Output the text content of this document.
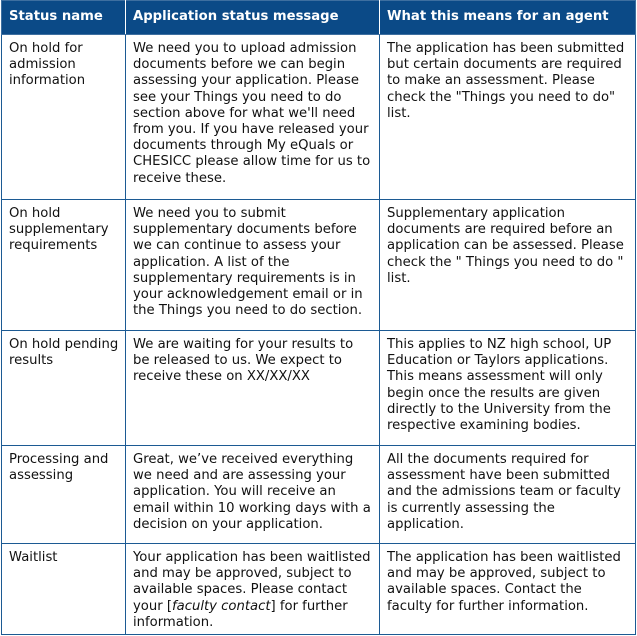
Status name	Application status message	What this means for an agent
On hold for admission information	We need you to upload admission documents before we can begin assessing your application. Please see your Things you need to do section above for what we'll need from you. If you have released your documents through My eQuals or CHESICC please allow time for us to receive these.	The application has been submitted but certain documents are required to make an assessment. Please check the "Things you need to do" list.
On hold supplementary requirements	We need you to submit supplementary documents before we can continue to assess your application. A list of the supplementary requirements is in your acknowledgement email or in the Things you need to do section.	Supplementary application documents are required before an application can be assessed. Please check the " Things you need to do " list.
On hold pending results	We are waiting for your results to be released to us. We expect to receive these on XX/XX/XX	This applies to NZ high school, UP Education or Taylors applications. This means assessment will only begin once the results are given directly to the University from the respective examining bodies.
Processing and assessing	Great, we’ve received everything we need and are assessing your application. You will receive an email within 10 working days with a decision on your application.	All the documents required for assessment have been submitted and the admissions team or faculty is currently assessing the application.
Waitlist	Your application has been waitlisted and may be approved, subject to available spaces. Please contact your [faculty contact] for further information.	The application has been waitlisted and may be approved, subject to available spaces. Contact the faculty for further information.
